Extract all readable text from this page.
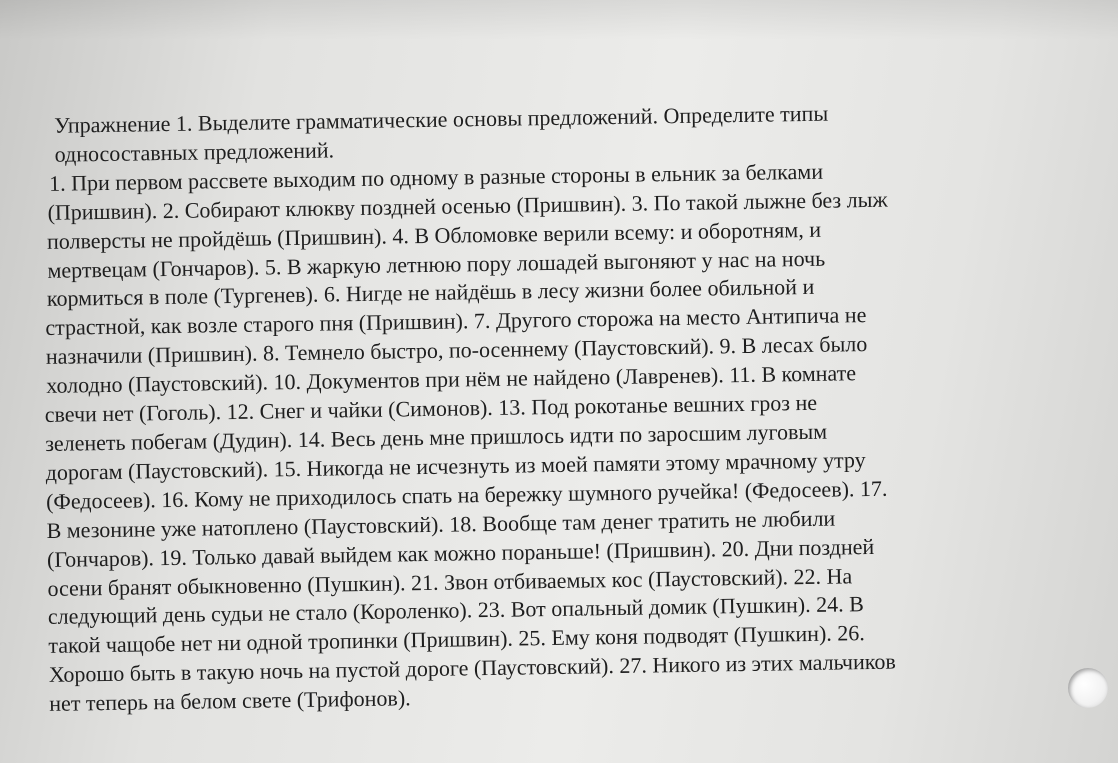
Упражнение 1. Выделите грамматические основы предложений. Определите типы
односоставных предложений.
1. При первом рассвете выходим по одному в разные стороны в ельник за белками
(Пришвин). 2. Собирают клюкву поздней осенью (Пришвин). 3. По такой лыжне без лыж
полверсты не пройдёшь (Пришвин). 4. В Обломовке верили всему: и оборотням, и
мертвецам (Гончаров). 5. В жаркую летнюю пору лошадей выгоняют у нас на ночь
кормиться в поле (Тургенев). 6. Нигде не найдёшь в лесу жизни более обильной и
страстной, как возле старого пня (Пришвин). 7. Другого сторожа на место Антипича не
назначили (Пришвин). 8. Темнело быстро, по-осеннему (Паустовский). 9. В лесах было
холодно (Паустовский). 10. Документов при нём не найдено (Лавренев). 11. В комнате
свечи нет (Гоголь). 12. Снег и чайки (Симонов). 13. Под рокотанье вешних гроз не
зеленеть побегам (Дудин). 14. Весь день мне пришлось идти по заросшим луговым
дорогам (Паустовский). 15. Никогда не исчезнуть из моей памяти этому мрачному утру
(Федосеев). 16. Кому не приходилось спать на бережку шумного ручейка! (Федосеев). 17.
В мезонине уже натоплено (Паустовский). 18. Вообще там денег тратить не любили
(Гончаров). 19. Только давай выйдем как можно пораньше! (Пришвин). 20. Дни поздней
осени бранят обыкновенно (Пушкин). 21. Звон отбиваемых кос (Паустовский). 22. На
следующий день судьи не стало (Короленко). 23. Вот опальный домик (Пушкин). 24. В
такой чащобе нет ни одной тропинки (Пришвин). 25. Ему коня подводят (Пушкин). 26.
Хорошо быть в такую ночь на пустой дороге (Паустовский). 27. Никого из этих мальчиков
нет теперь на белом свете (Трифонов).
